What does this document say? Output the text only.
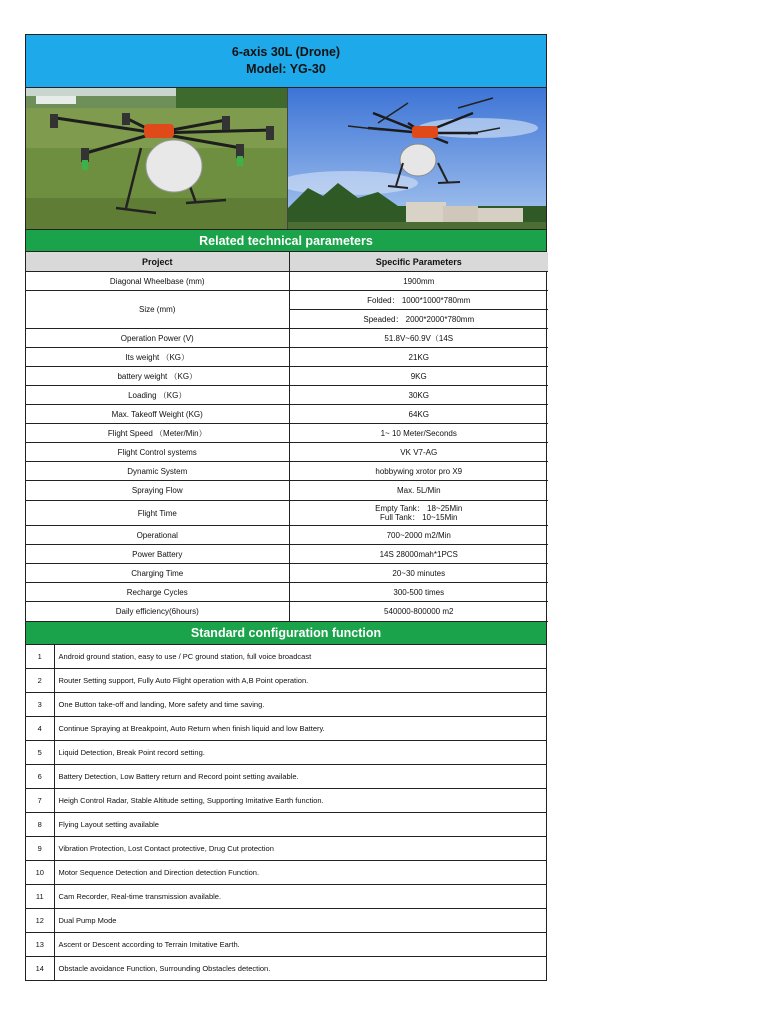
6-axis 30L (Drone)
Model: YG-30
Related technical parameters
Project	Specific Parameters
Diagonal Wheelbase (mm)	1900mm
Size (mm)	Folded： 1000*1000*780mm
	Speaded： 2000*2000*780mm
Operation Power (V)	51.8V~60.9V（14S
Its weight （KG）	21KG
battery weight （KG）	9KG
Loading （KG）	30KG
Max. Takeoff Weight (KG)	64KG
Flight Speed （Meter/Min）	1~ 10 Meter/Seconds
Flight Control systems	VK V7-AG
Dynamic System	hobbywing xrotor pro X9
Spraying Flow	Max. 5L/Min
Flight Time	Empty Tank： 18~25Min
Full Tank： 10~15Min

Operational	700~2000 m2/Min
Power Battery	14S 28000mah*1PCS
Charging Time	20~30 minutes
Recharge Cycles	300-500 times
Daily efficiency(6hours)	540000-800000 m2
Standard configuration function
1	Android ground station, easy to use / PC ground station, full voice broadcast
2	Router Setting support, Fully Auto Flight operation with A,B Point operation.
3	One Button take-off and landing, More safety and time saving.
4	Continue Spraying at Breakpoint, Auto Return when finish liquid and low Battery.
5	Liquid Detection, Break Point record setting.
6	Battery Detection, Low Battery return and Record point setting available.
7	Heigh Control Radar, Stable Altitude setting, Supporting Imitative Earth function.
8	Flying Layout setting available
9	Vibration Protection, Lost Contact protective, Drug Cut protection
10	Motor Sequence Detection and Direction detection Function.
11	Cam Recorder, Real-time transmission available.
12	Dual Pump Mode
13	Ascent or Descent according to Terrain Imitative Earth.
14	Obstacle avoidance Function, Surrounding Obstacles detection.
